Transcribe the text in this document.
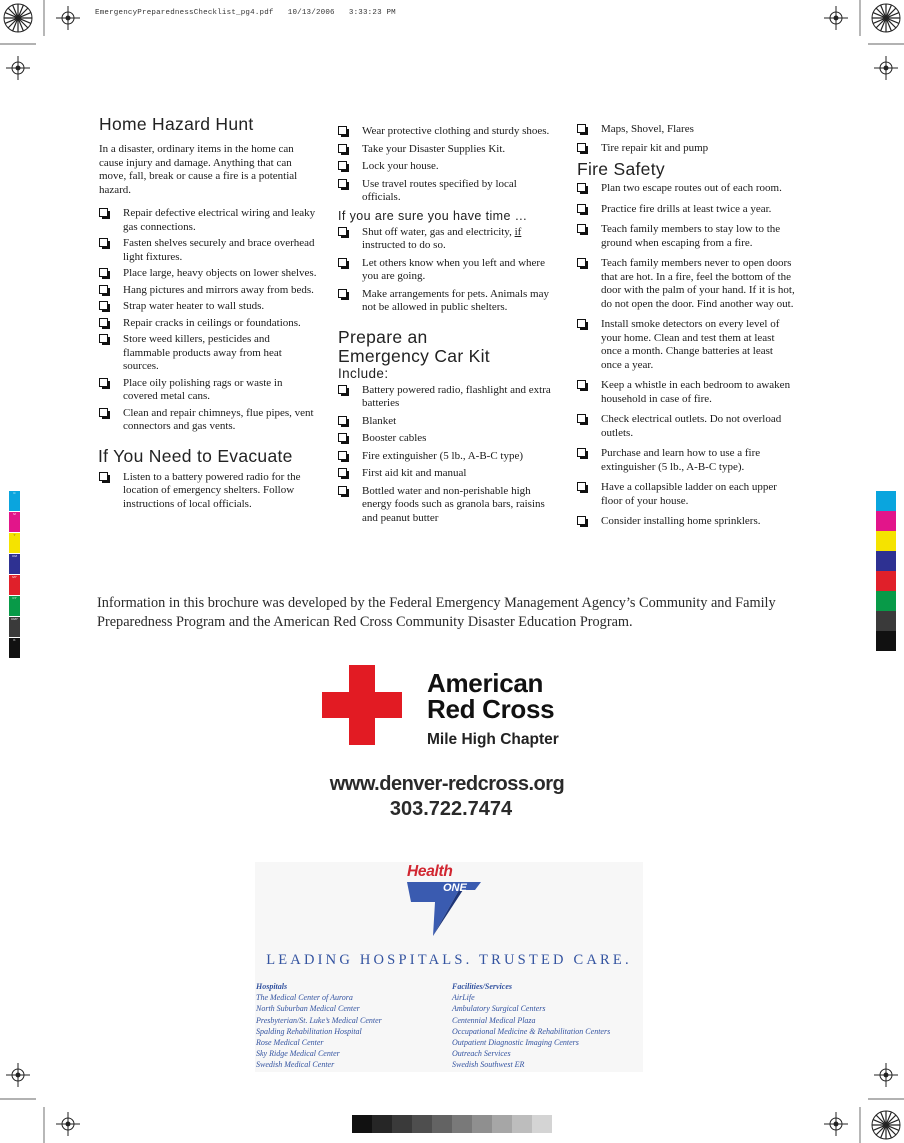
EmergencyPreparednessChecklist_pg4.pdf 10/13/2006 3:33:23 PM
C
M
Y
CM
MY
CY
CMY
K
Home Hazard Hunt

In a disaster, ordinary items in the home can cause injury and damage. Anything that can move, fall, break or cause a fire is a potential hazard.

Repair defective electrical wiring and leaky gas connections.
Fasten shelves securely and brace overhead light fixtures.
Place large, heavy objects on lower shelves.
Hang pictures and mirrors away from beds.
Strap water heater to wall studs.
Repair cracks in ceilings or foundations.
Store weed killers, pesticides and flammable products away from heat sources.
Place oily polishing rags or waste in covered metal cans.
Clean and repair chimneys, flue pipes, vent connectors and gas vents.
If You Need to Evacuate
Listen to a battery powered radio for the location of emergency shelters. Follow instructions of local officials.
Wear protective clothing and sturdy shoes.
Take your Disaster Supplies Kit.
Lock your house.
Use travel routes specified by local officials.
If you are sure you have time …
Shut off water, gas and electricity, if instructed to do so.
Let others know when you left and where you are going.
Make arrangements for pets. Animals may not be allowed in public shelters.
Prepare an
Emergency Car Kit
Include:
Battery powered radio, flashlight and extra batteries
Blanket
Booster cables
Fire extinguisher (5 lb., A-B-C type)
First aid kit and manual
Bottled water and non-perishable high energy foods such as granola bars, raisins and peanut butter
Maps, Shovel, Flares
Tire repair kit and pump
Fire Safety
Plan two escape routes out of each room.
Practice fire drills at least twice a year.
Teach family members to stay low to the ground when escaping from a fire.
Teach family members never to open doors that are hot. In a fire, feel the bottom of the door with the palm of your hand. If it is hot, do not open the door. Find another way out.
Install smoke detectors on every level of your home. Clean and test them at least once a month. Change batteries at least once a year.
Keep a whistle in each bedroom to awaken household in case of fire.
Check electrical outlets. Do not overload outlets.
Purchase and learn how to use a fire extinguisher (5 lb., A-B-C type).
Have a collapsible ladder on each upper floor of your house.
Consider installing home sprinklers.
Information in this brochure was developed by the Federal Emergency Management Agency’s Community and Family Preparedness Program and the American Red Cross Community Disaster Education Program.
American
Red Cross
Mile High Chapter
www.denver-redcross.org
303.722.7474
Health
ONE
LEADING HOSPITALS. TRUSTED CARE.
Hospitals
The Medical Center of Aurora
North Suburban Medical Center
Presbyterian/St. Luke’s Medical Center
Spalding Rehabilitation Hospital
Rose Medical Center
Sky Ridge Medical Center
Swedish Medical Center
Facilities/Services
AirLife
Ambulatory Surgical Centers
Centennial Medical Plaza
Occupational Medicine & Rehabilitation Centers
Outpatient Diagnostic Imaging Centers
Outreach Services
Swedish Southwest ER
